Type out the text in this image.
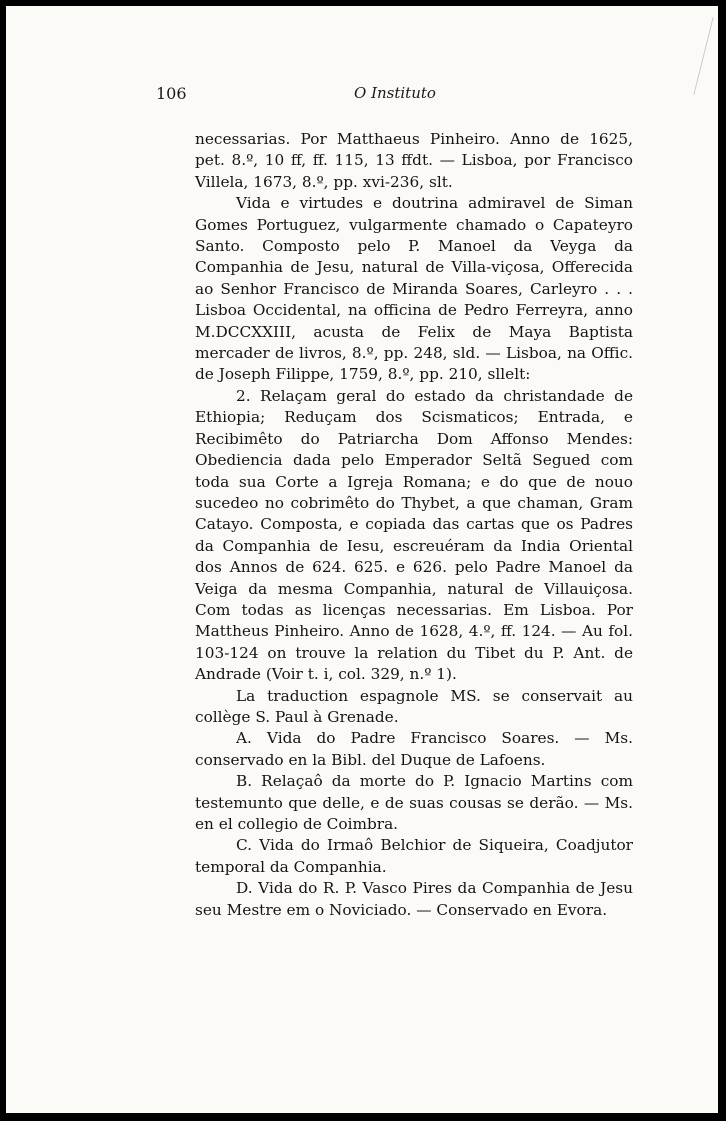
106	O Instituto

necessarias. Por Matthaeus Pinheiro. Anno de 1625, pet. 8.º, 10 ff, ff. 115, 13 ffdt. — Lisboa, por Francisco Villela, 1673, 8.º, pp. xvi-236, slt.

Vida e virtudes e doutrina admiravel de Siman Gomes Portuguez, vulgarmente chamado o Capateyro Santo. Composto pelo P. Manoel da Veyga da Companhia de Jesu, natural de Villa-viçosa, Offerecida ao Senhor Francisco de Miranda Soares, Carleyro . . . Lisboa Occidental, na officina de Pedro Ferreyra, anno M.DCCXXIII, acusta de Felix de Maya Baptista mercader de livros, 8.º, pp. 248, sld. — Lisboa, na Offic. de Joseph Filippe, 1759, 8.º, pp. 210, sllelt:

2. Relaçam geral do estado da christandade de Ethiopia; Reduçam dos Scismaticos; Entrada, e Recibimêto do Patriarcha Dom Affonso Mendes: Obediencia dada pelo Emperador Seltã Segued com toda sua Corte a Igreja Romana; e do que de nouo sucedeo no cobrimêto do Thybet, a que chaman, Gram Catayo. Composta, e copiada das cartas que os Padres da Companhia de Iesu, escreuéram da India Oriental dos Annos de 624. 625. e 626. pelo Padre Manoel da Veiga da mesma Companhia, natural de Villauiçosa. Com todas as licenças necessarias. Em Lisboa. Por Mattheus Pinheiro. Anno de 1628, 4.º, ff. 124. — Au fol. 103-124 on trouve la relation du Tibet du P. Ant. de Andrade (Voir t. i, col. 329, n.º 1).

La traduction espagnole MS. se conservait au collège S. Paul à Grenade.

A. Vida do Padre Francisco Soares. — Ms. conservado en la Bibl. del Duque de Lafoens.

B. Relaçaô da morte do P. Ignacio Martins com testemunto que delle, e de suas cousas se derão. — Ms. en el collegio de Coimbra.

C. Vida do Irmaô Belchior de Siqueira, Coadjutor temporal da Companhia.

D. Vida do R. P. Vasco Pires da Companhia de Jesu seu Mestre em o Noviciado. — Conservado en Evora.
